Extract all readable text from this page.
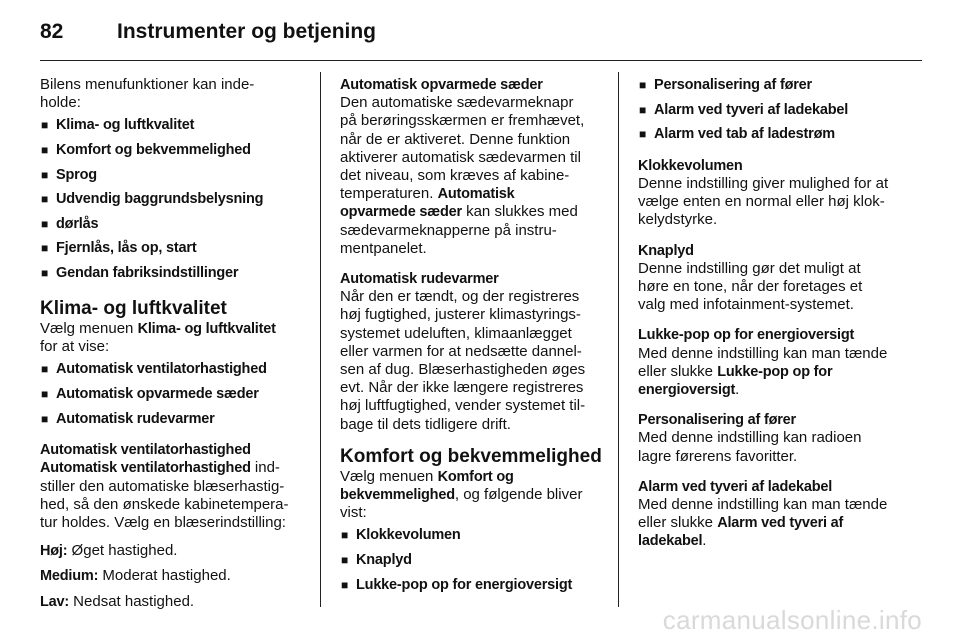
82	Instrumenter og betjening

Bilens menufunktioner kan inde-

holde:

■ Klima- og luftkvalitet
■ Komfort og bekvemmelighed
■ Sprog
■ Udvendig baggrundsbelysning
■ dørlås
■ Fjernlås, lås op, start
■ Gendan fabriksindstillinger
Klima- og luftkvalitet

Vælg menuen Klima- og luftkvalitet

for at vise:

■ Automatisk ventilatorhastighed
■ Automatisk opvarmede sæder
■ Automatisk rudevarmer

Automatisk ventilatorhastighed

Automatisk ventilatorhastighed ind-

stiller den automatiske blæserhastig-

hed, så den ønskede kabinetempera-

tur holdes. Vælg en blæserindstilling:

Høj: Øget hastighed.

Medium: Moderat hastighed.

Lav: Nedsat hastighed.

Automatisk opvarmede sæder

Den automatiske sædevarmeknapr

på berøringsskærmen er fremhævet,

når de er aktiveret. Denne funktion

aktiverer automatisk sædevarmen til

det niveau, som kræves af kabine-

temperaturen. Automatisk

opvarmede sæder kan slukkes med

sædevarmeknapperne på instru-

mentpanelet.

Automatisk rudevarmer

Når den er tændt, og der registreres

høj fugtighed, justerer klimastyrings-

systemet udeluften, klimaanlægget

eller varmen for at nedsætte dannel-

sen af dug. Blæserhastigheden øges

evt. Når der ikke længere registreres

høj luftfugtighed, vender systemet til-

bage til dets tidligere drift.

Komfort og bekvemmelighed

Vælg menuen Komfort og

bekvemmelighed, og følgende bliver

vist:

■ Klokkevolumen
■ Knaplyd
■ Lukke-pop op for energioversigt
■ Personalisering af fører
■ Alarm ved tyveri af ladekabel
■ Alarm ved tab af ladestrøm

Klokkevolumen

Denne indstilling giver mulighed for at

vælge enten en normal eller høj klok-

kelydstyrke.

Knaplyd

Denne indstilling gør det muligt at

høre en tone, når der foretages et

valg med infotainment-systemet.

Lukke-pop op for energioversigt

Med denne indstilling kan man tænde

eller slukke Lukke-pop op for

energioversigt.

Personalisering af fører

Med denne indstilling kan radioen

lagre førerens favoritter.

Alarm ved tyveri af ladekabel

Med denne indstilling kan man tænde

eller slukke Alarm ved tyveri af

ladekabel.

carmanualsonline.info
